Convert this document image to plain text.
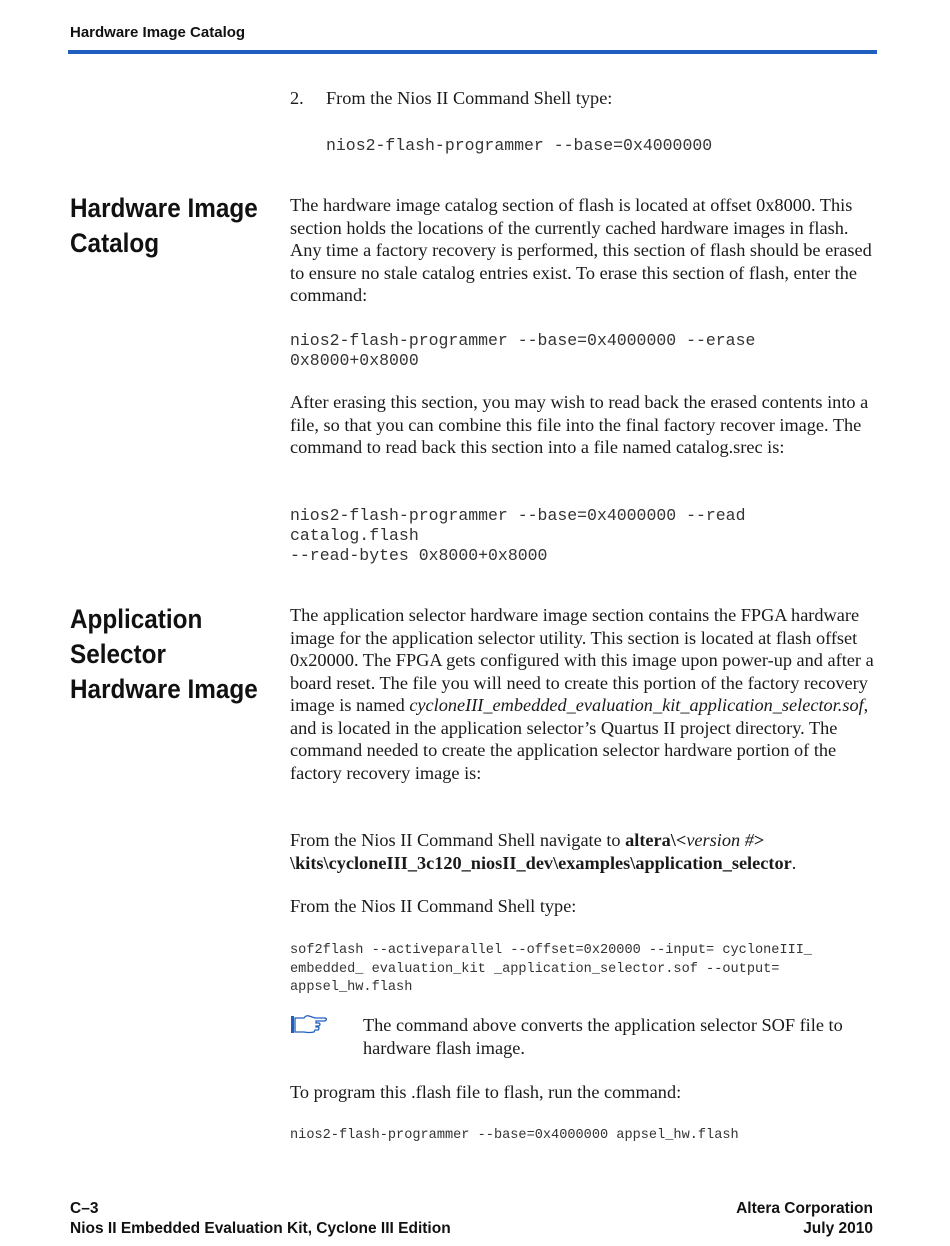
Hardware Image Catalog
2. From the Nios II Command Shell type:
nios2-flash-programmer --base=0x4000000
Hardware Image
Catalog
The hardware image catalog section of flash is located at offset 0x8000. This section holds the locations of the currently cached hardware images in flash. Any time a factory recovery is performed, this section of flash should be erased to ensure no stale catalog entries exist. To erase this section of flash, enter the command:
nios2-flash-programmer --base=0x4000000 --erase
0x8000+0x8000
After erasing this section, you may wish to read back the erased contents into a file, so that you can combine this file into the final factory recover image. The command to read back this section into a file named catalog.srec is:
nios2-flash-programmer --base=0x4000000 --read
catalog.flash
--read-bytes 0x8000+0x8000
Application
Selector
Hardware Image
The application selector hardware image section contains the FPGA hardware image for the application selector utility. This section is located at flash offset 0x20000. The FPGA gets configured with this image upon power-up and after a board reset. The file you will need to create this portion of the factory recovery image is named cycloneIII_embedded_evaluation_kit_application_selector.sof, and is located in the application selector’s Quartus II project directory. The command needed to create the application selector hardware portion of the factory recovery image is:
From the Nios II Command Shell navigate to altera\<version #>
\kits\cycloneIII_3c120_niosII_dev\examples\application_selector.
From the Nios II Command Shell type:
sof2flash --activeparallel --offset=0x20000 --input= cycloneIII_
embedded_ evaluation_kit _application_selector.sof --output=
appsel_hw.flash
The command above converts the application selector SOF file to hardware flash image.
To program this .flash file to flash, run the command:
nios2-flash-programmer --base=0x4000000 appsel_hw.flash
C–3
Nios II Embedded Evaluation Kit, Cyclone III Edition
Altera Corporation
July 2010
